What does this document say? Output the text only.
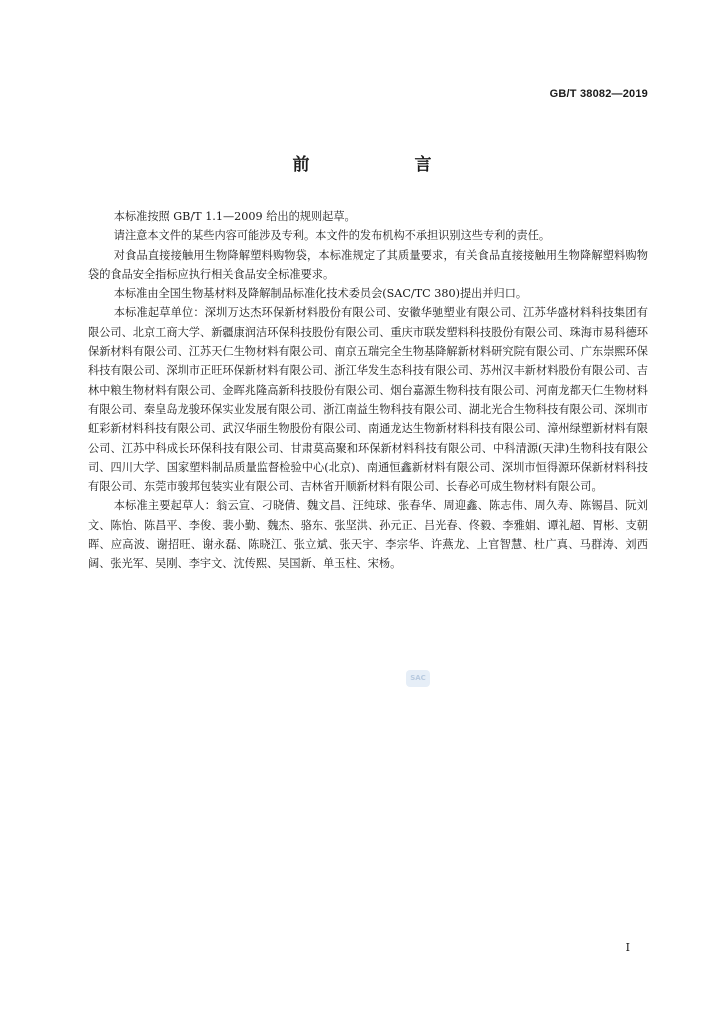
GB/T 38082—2019
前　言

本标准按照 GB/T 1.1—2009 给出的规则起草。

请注意本文件的某些内容可能涉及专利。本文件的发布机构不承担识别这些专利的责任。

对食品直接接触用生物降解塑料购物袋，本标准规定了其质量要求，有关食品直接接触用生物降解塑料购物袋的食品安全指标应执行相关食品安全标准要求。

本标准由全国生物基材料及降解制品标准化技术委员会(SAC/TC 380)提出并归口。

本标准起草单位：深圳万达杰环保新材料股份有限公司、安徽华驰塑业有限公司、江苏华盛材料科技集团有限公司、北京工商大学、新疆康润洁环保科技股份有限公司、重庆市联发塑料科技股份有限公司、珠海市易科德环保新材料有限公司、江苏天仁生物材料有限公司、南京五瑞完全生物基降解新材料研究院有限公司、广东崇熙环保科技有限公司、深圳市正旺环保新材料有限公司、浙江华发生态科技有限公司、苏州汉丰新材料股份有限公司、吉林中粮生物材料有限公司、金晖兆隆高新科技股份有限公司、烟台嘉源生物科技有限公司、河南龙都天仁生物材料有限公司、秦皇岛龙骏环保实业发展有限公司、浙江南益生物科技有限公司、湖北光合生物科技有限公司、深圳市虹彩新材料科技有限公司、武汉华丽生物股份有限公司、南通龙达生物新材料科技有限公司、漳州绿塑新材料有限公司、江苏中科成长环保科技有限公司、甘肃莫高聚和环保新材料科技有限公司、中科清源(天津)生物科技有限公司、四川大学、国家塑料制品质量监督检验中心(北京)、南通恒鑫新材料有限公司、深圳市恒得源环保新材料科技有限公司、东莞市骏邦包装实业有限公司、吉林省开顺新材料有限公司、长春必可成生物材料有限公司。

本标准主要起草人：翁云宣、刁晓倩、魏文昌、汪纯球、张春华、周迎鑫、陈志伟、周久寿、陈锡昌、阮刘文、陈怡、陈昌平、李俊、裴小勤、魏杰、骆东、张坚洪、孙元正、吕光春、佟毅、李雅娟、谭礼超、胃彬、支朝晖、应高波、谢招旺、谢永磊、陈晓江、张立斌、张天宇、李宗华、许燕龙、上官智慧、杜广真、马群涛、刘西阔、张光军、吴刚、李宇文、沈传熙、吴国新、单玉柱、宋杨。

SAC
I
